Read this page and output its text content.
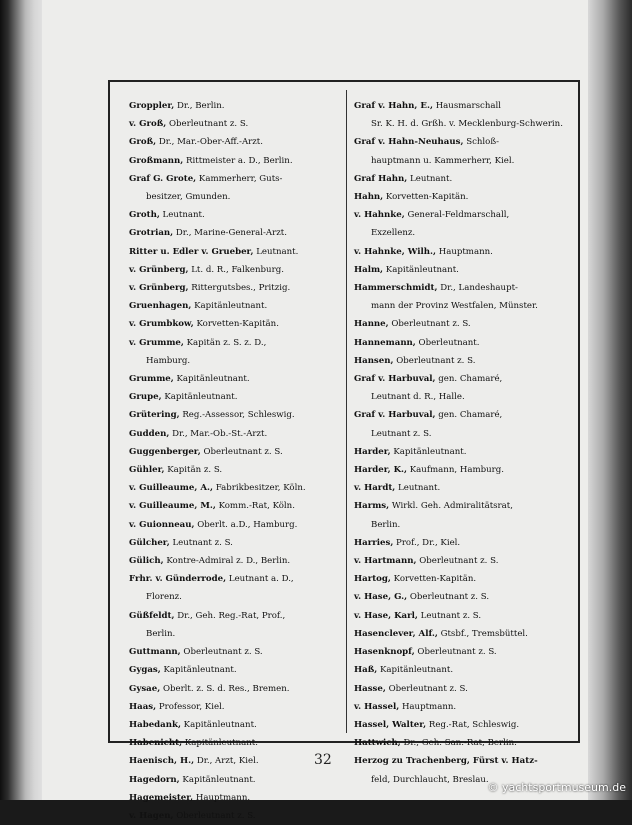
Groppler, Dr., Berlin.

v. Groß, Oberleutnant z. S.

Groß, Dr., Mar.-Ober-Aff.-Arzt.

Großmann, Rittmeister a. D., Berlin.

Graf G. Grote, Kammerherr, Guts-
besitzer, Gmunden.

Groth, Leutnant.

Grotrian, Dr., Marine-General-Arzt.

Ritter u. Edler v. Grueber, Leutnant.

v. Grünberg, Lt. d. R., Falkenburg.

v. Grünberg, Rittergutsbes., Pritzig.

Gruenhagen, Kapitänleutnant.

v. Grumbkow, Korvetten-Kapitän.

v. Grumme, Kapitän z. S. z. D.,
Hamburg.

Grumme, Kapitänleutnant.

Grupe, Kapitänleutnant.

Grütering, Reg.-Assessor, Schleswig.

Gudden, Dr., Mar.-Ob.-St.-Arzt.

Guggenberger, Oberleutnant z. S.

Gühler, Kapitän z. S.

v. Guilleaume, A., Fabrikbesitzer, Köln.

v. Guilleaume, M., Komm.-Rat, Köln.

v. Guionneau, Oberlt. a.D., Hamburg.

Gülcher, Leutnant z. S.

Gülich, Kontre-Admiral z. D., Berlin.

Frhr. v. Günderrode, Leutnant a. D.,
Florenz.

Güßfeldt, Dr., Geh. Reg.-Rat, Prof.,
Berlin.

Guttmann, Oberleutnant z. S.

Gygas, Kapitänleutnant.

Gysae, Oberlt. z. S. d. Res., Bremen.

Haas, Professor, Kiel.

Habedank, Kapitänleutnant.

Habenicht, Kapitänleutnant.

Haenisch, H., Dr., Arzt, Kiel.

Hagedorn, Kapitänleutnant.

Hagemeister, Hauptmann.

v. Hagen, Oberleutnant z. S.

Graf v. Hahn, E., Hausmarschall
Sr. K. H. d. Grßh. v. Mecklenburg-Schwerin.

Graf v. Hahn-Neuhaus, Schloß-
hauptmann u. Kammerherr, Kiel.

Graf Hahn, Leutnant.

Hahn, Korvetten-Kapitän.

v. Hahnke, General-Feldmarschall,
Exzellenz.

v. Hahnke, Wilh., Hauptmann.

Halm, Kapitänleutnant.

Hammerschmidt, Dr., Landeshaupt-
mann der Provinz Westfalen, Münster.

Hanne, Oberleutnant z. S.

Hannemann, Oberleutnant.

Hansen, Oberleutnant z. S.

Graf v. Harbuval, gen. Chamaré,
Leutnant d. R., Halle.

Graf v. Harbuval, gen. Chamaré,
Leutnant z. S.

Harder, Kapitänleutnant.

Harder, K., Kaufmann, Hamburg.

v. Hardt, Leutnant.

Harms, Wirkl. Geh. Admiralitätsrat,
Berlin.

Harries, Prof., Dr., Kiel.

v. Hartmann, Oberleutnant z. S.

Hartog, Korvetten-Kapitän.

v. Hase, G., Oberleutnant z. S.

v. Hase, Karl, Leutnant z. S.

Hasenclever, Alf., Gtsbf., Tremsbüttel.

Hasenknopf, Oberleutnant z. S.

Haß, Kapitänleutnant.

Hasse, Oberleutnant z. S.

v. Hassel, Hauptmann.

Hassel, Walter, Reg.-Rat, Schleswig.

Hattwich, Dr., Geh. San.-Rat, Berlin.

Herzog zu Trachenberg, Fürst v. Hatz-
feld, Durchlaucht, Breslau.

32
© yachtsportmuseum.de
